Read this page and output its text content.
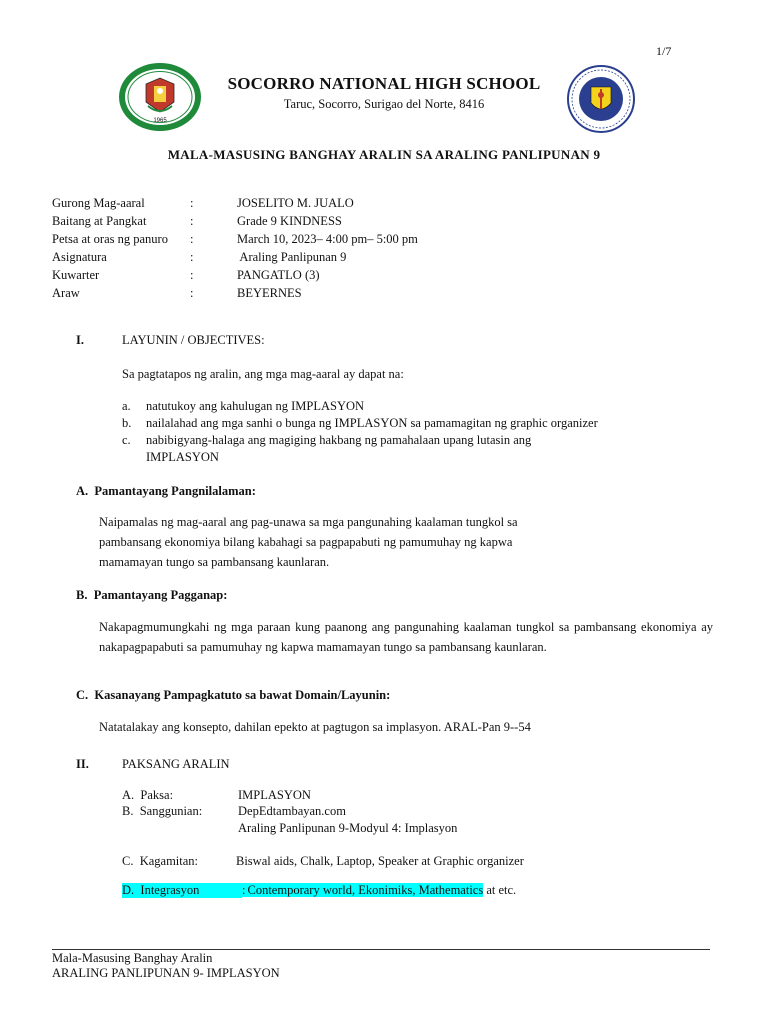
1/7
1965
SOCORRO NATIONAL HIGH SCHOOL
Taruc, Socorro, Surigao del Norte, 8416
MALA-MASUSING BANGHAY ARALIN SA ARALING PANLIPUNAN 9
Gurong Mag-aaral	:	JOSELITO M. JUALO
Baitang at Pangkat	:	Grade 9 KINDNESS
Petsa at oras ng panuro :	March 10, 2023– 4:00 pm– 5:00 pm
Asignatura	:	Araling Panlipunan 9
Kuwarter	:	PANGATLO (3)
Araw	:	BEYERNES
I.	LAYUNIN / OBJECTIVES:
Sa pagtatapos ng aralin, ang mga mag-aaral ay dapat na:
a. natutukoy ang kahulugan ng IMPLASYON
b. nailalahad ang mga sanhi o bunga ng IMPLASYON sa pamamagitan ng graphic organizer
c. nabibigyang-halaga ang magiging hakbang ng pamahalaan upang lutasin ang
IMPLASYON
A.  Pamantayang Pangnilalaman:
Naipamalas ng mag-aaral ang pag-unawa sa mga pangunahing kaalaman tungkol sa
pambansang ekonomiya bilang kabahagi sa pagpapabuti ng pamumuhay ng kapwa
mamamayan tungo sa pambansang kaunlaran.
B.  Pamantayang Pagganap:
Nakapagmumungkahi ng mga paraan kung paanong ang pangunahing kaalaman tungkol sa pambansang ekonomiya ay nakapagpapabuti sa pamumuhay ng kapwa mamamayan tungo sa pambansang kaunlaran.
C.  Kasanayang Pampagkatuto sa bawat Domain/Layunin:
Natatalakay ang konsepto, dahilan epekto at pagtugon sa implasyon. ARAL-Pan 9--54
II.	PAKSANG ARALIN
A.  Paksa:	IMPLASYON
B.  Sanggunian:	DepEdtambayan.com
Araling Panlipunan 9-Modyul 4: Implasyon
C.  Kagamitan:	Biswal aids, Chalk, Laptop, Speaker at Graphic organizer
D.  Integrasyon	: Contemporary world, Ekonimiks, Mathematics at etc.
Mala-Masusing Banghay Aralin
ARALING PANLIPUNAN 9- IMPLASYON
